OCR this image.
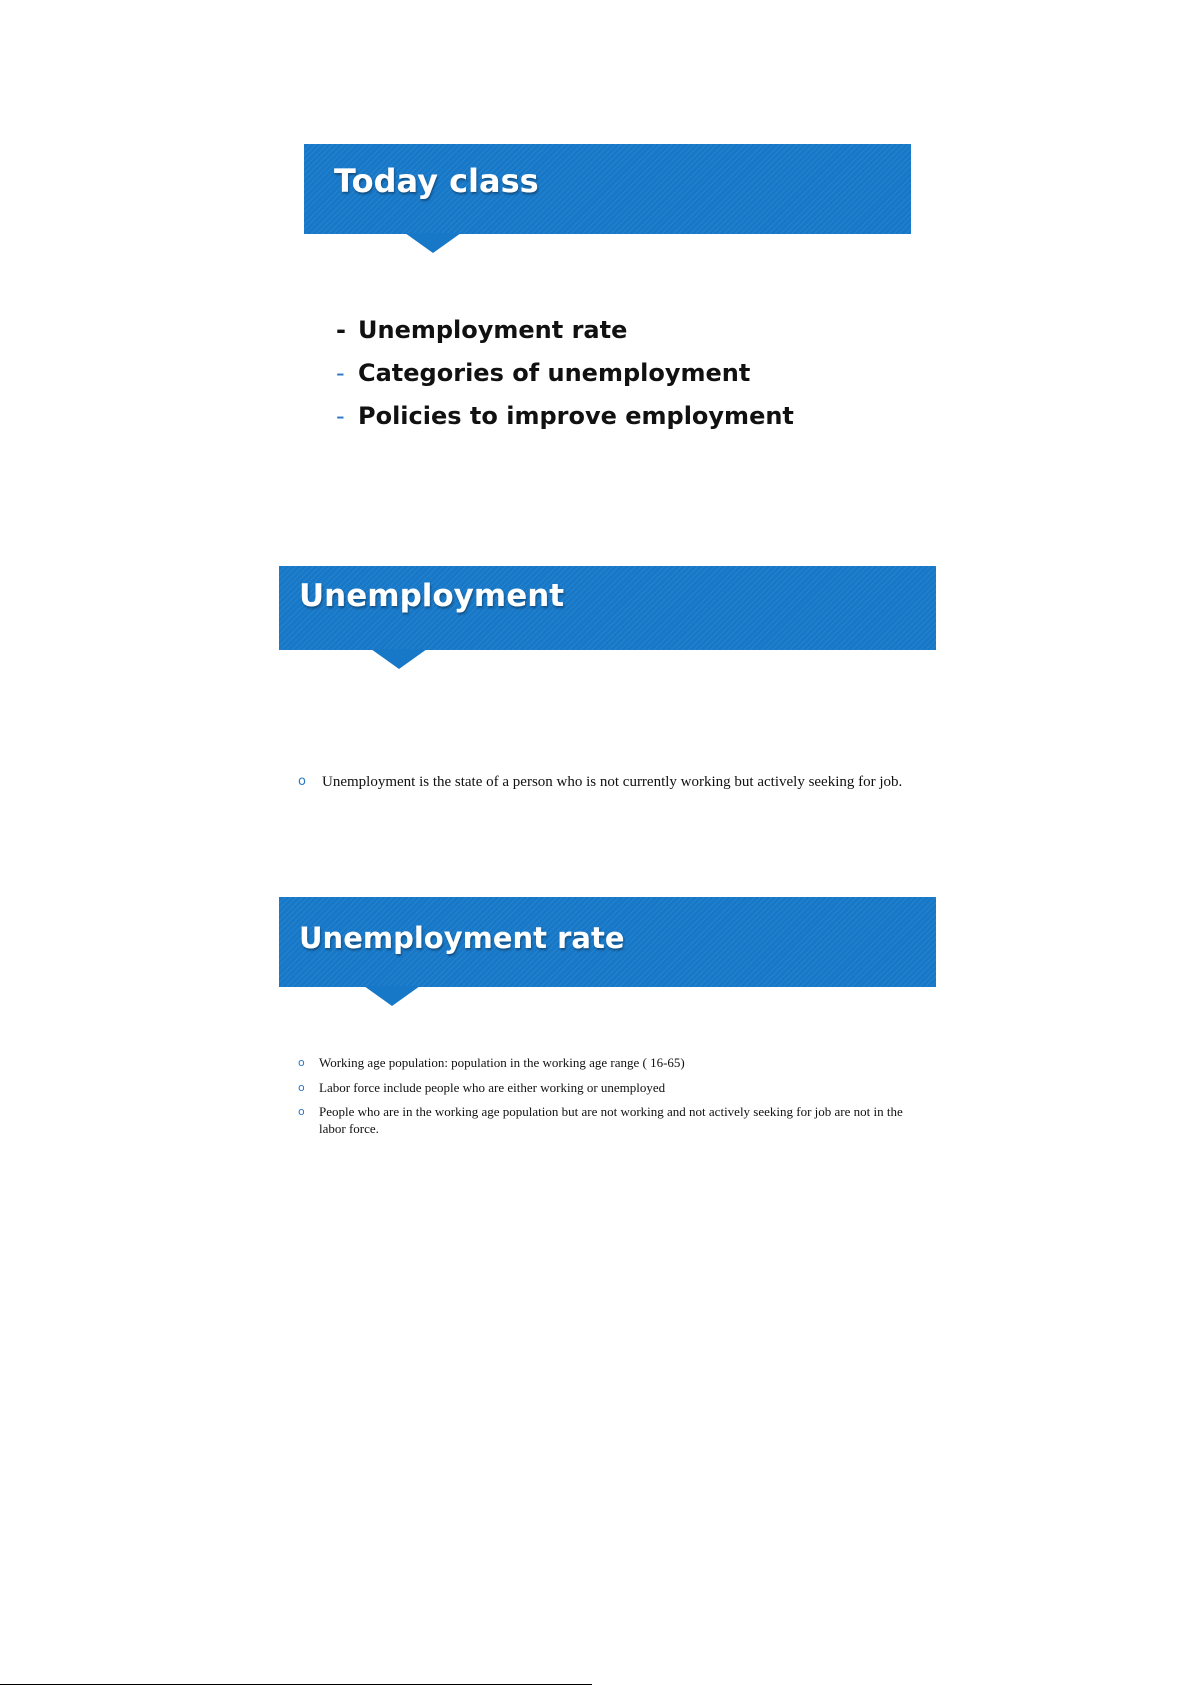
Today class
- Unemployment rate
- Categories of unemployment
- Policies to improve employment
Unemployment
o Unemployment is the state of a person who is not currently working but actively seeking for job.
Unemployment rate
o Working age population: population in the working age range ( 16-65)
o Labor force include people who are either working or unemployed
o People who are in the working age population but are not working and not actively seeking for job are not in the labor force.
